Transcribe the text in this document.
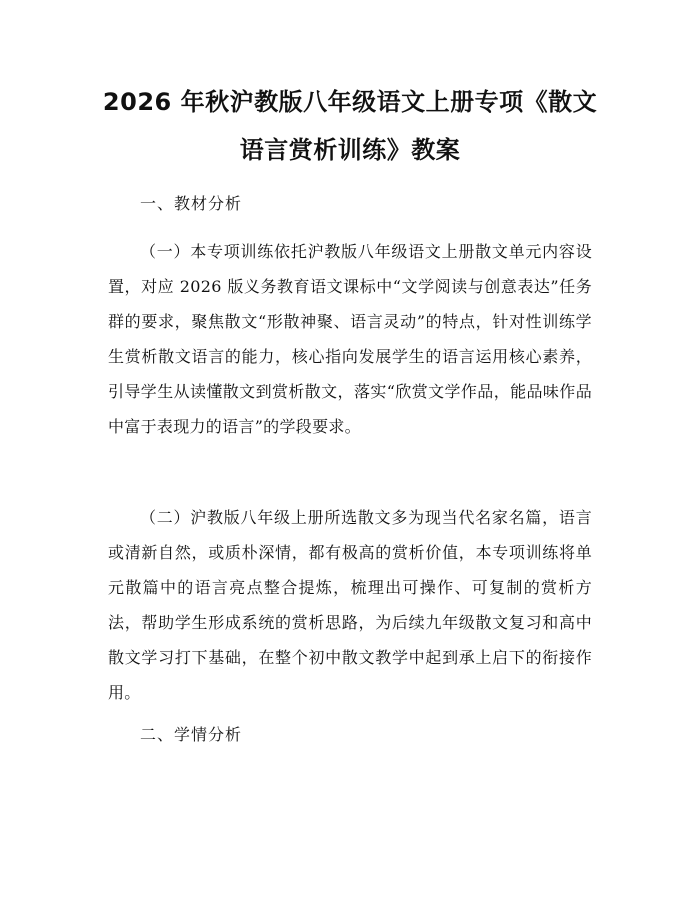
2026 年秋沪教版八年级语文上册专项《散文
语言赏析训练》教案
一、教材分析
（一）本专项训练依托沪教版八年级语文上册散文单元内容设置，对应 2026 版义务教育语文课标中“文学阅读与创意表达”任务群的要求，聚焦散文“形散神聚、语言灵动”的特点，针对性训练学生赏析散文语言的能力，核心指向发展学生的语言运用核心素养，引导学生从读懂散文到赏析散文，落实“欣赏文学作品，能品味作品中富于表现力的语言”的学段要求。
（二）沪教版八年级上册所选散文多为现当代名家名篇，语言或清新自然，或质朴深情，都有极高的赏析价值，本专项训练将单元散篇中的语言亮点整合提炼，梳理出可操作、可复制的赏析方法，帮助学生形成系统的赏析思路，为后续九年级散文复习和高中散文学习打下基础，在整个初中散文教学中起到承上启下的衔接作用。
二、学情分析
